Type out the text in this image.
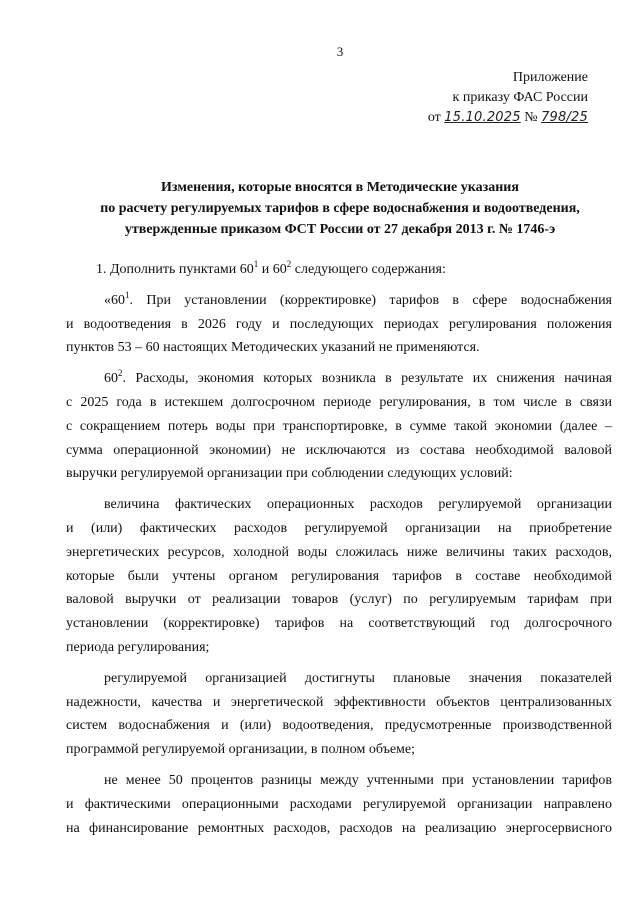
3
Приложение
к приказу ФАС России
от 15.10.2025 № 798/25
Изменения, которые вносятся в Методические указания
по расчету регулируемых тарифов в сфере водоснабжения и водоотведения,
утвержденные приказом ФСТ России от 27 декабря 2013 г. № 1746-э
1. Дополнить пунктами $60^1$ и $60^2$ следующего содержания:
«$60^1$. При установлении (корректировке) тарифов в сфере водоснабжения
и водоотведения в 2026 году и последующих периодах регулирования положения
пунктов 53 – 60 настоящих Методических указаний не применяются.
$60^2$. Расходы, экономия которых возникла в результате их снижения начиная
с 2025 года в истекшем долгосрочном периоде регулирования, в том числе в связи
с сокращением потерь воды при транспортировке, в сумме такой экономии (далее –
сумма операционной экономии) не исключаются из состава необходимой валовой
выручки регулируемой организации при соблюдении следующих условий:
величина фактических операционных расходов регулируемой организации
и (или) фактических расходов регулируемой организации на приобретение
энергетических ресурсов, холодной воды сложилась ниже величины таких расходов,
которые были учтены органом регулирования тарифов в составе необходимой
валовой выручки от реализации товаров (услуг) по регулируемым тарифам при
установлении (корректировке) тарифов на соответствующий год долгосрочного
периода регулирования;
регулируемой организацией достигнуты плановые значения показателей
надежности, качества и энергетической эффективности объектов централизованных
систем водоснабжения и (или) водоотведения, предусмотренные производственной
программой регулируемой организации, в полном объеме;
не менее 50 процентов разницы между учтенными при установлении тарифов
и фактическими операционными расходами регулируемой организации направлено
на финансирование ремонтных расходов, расходов на реализацию энергосервисного
